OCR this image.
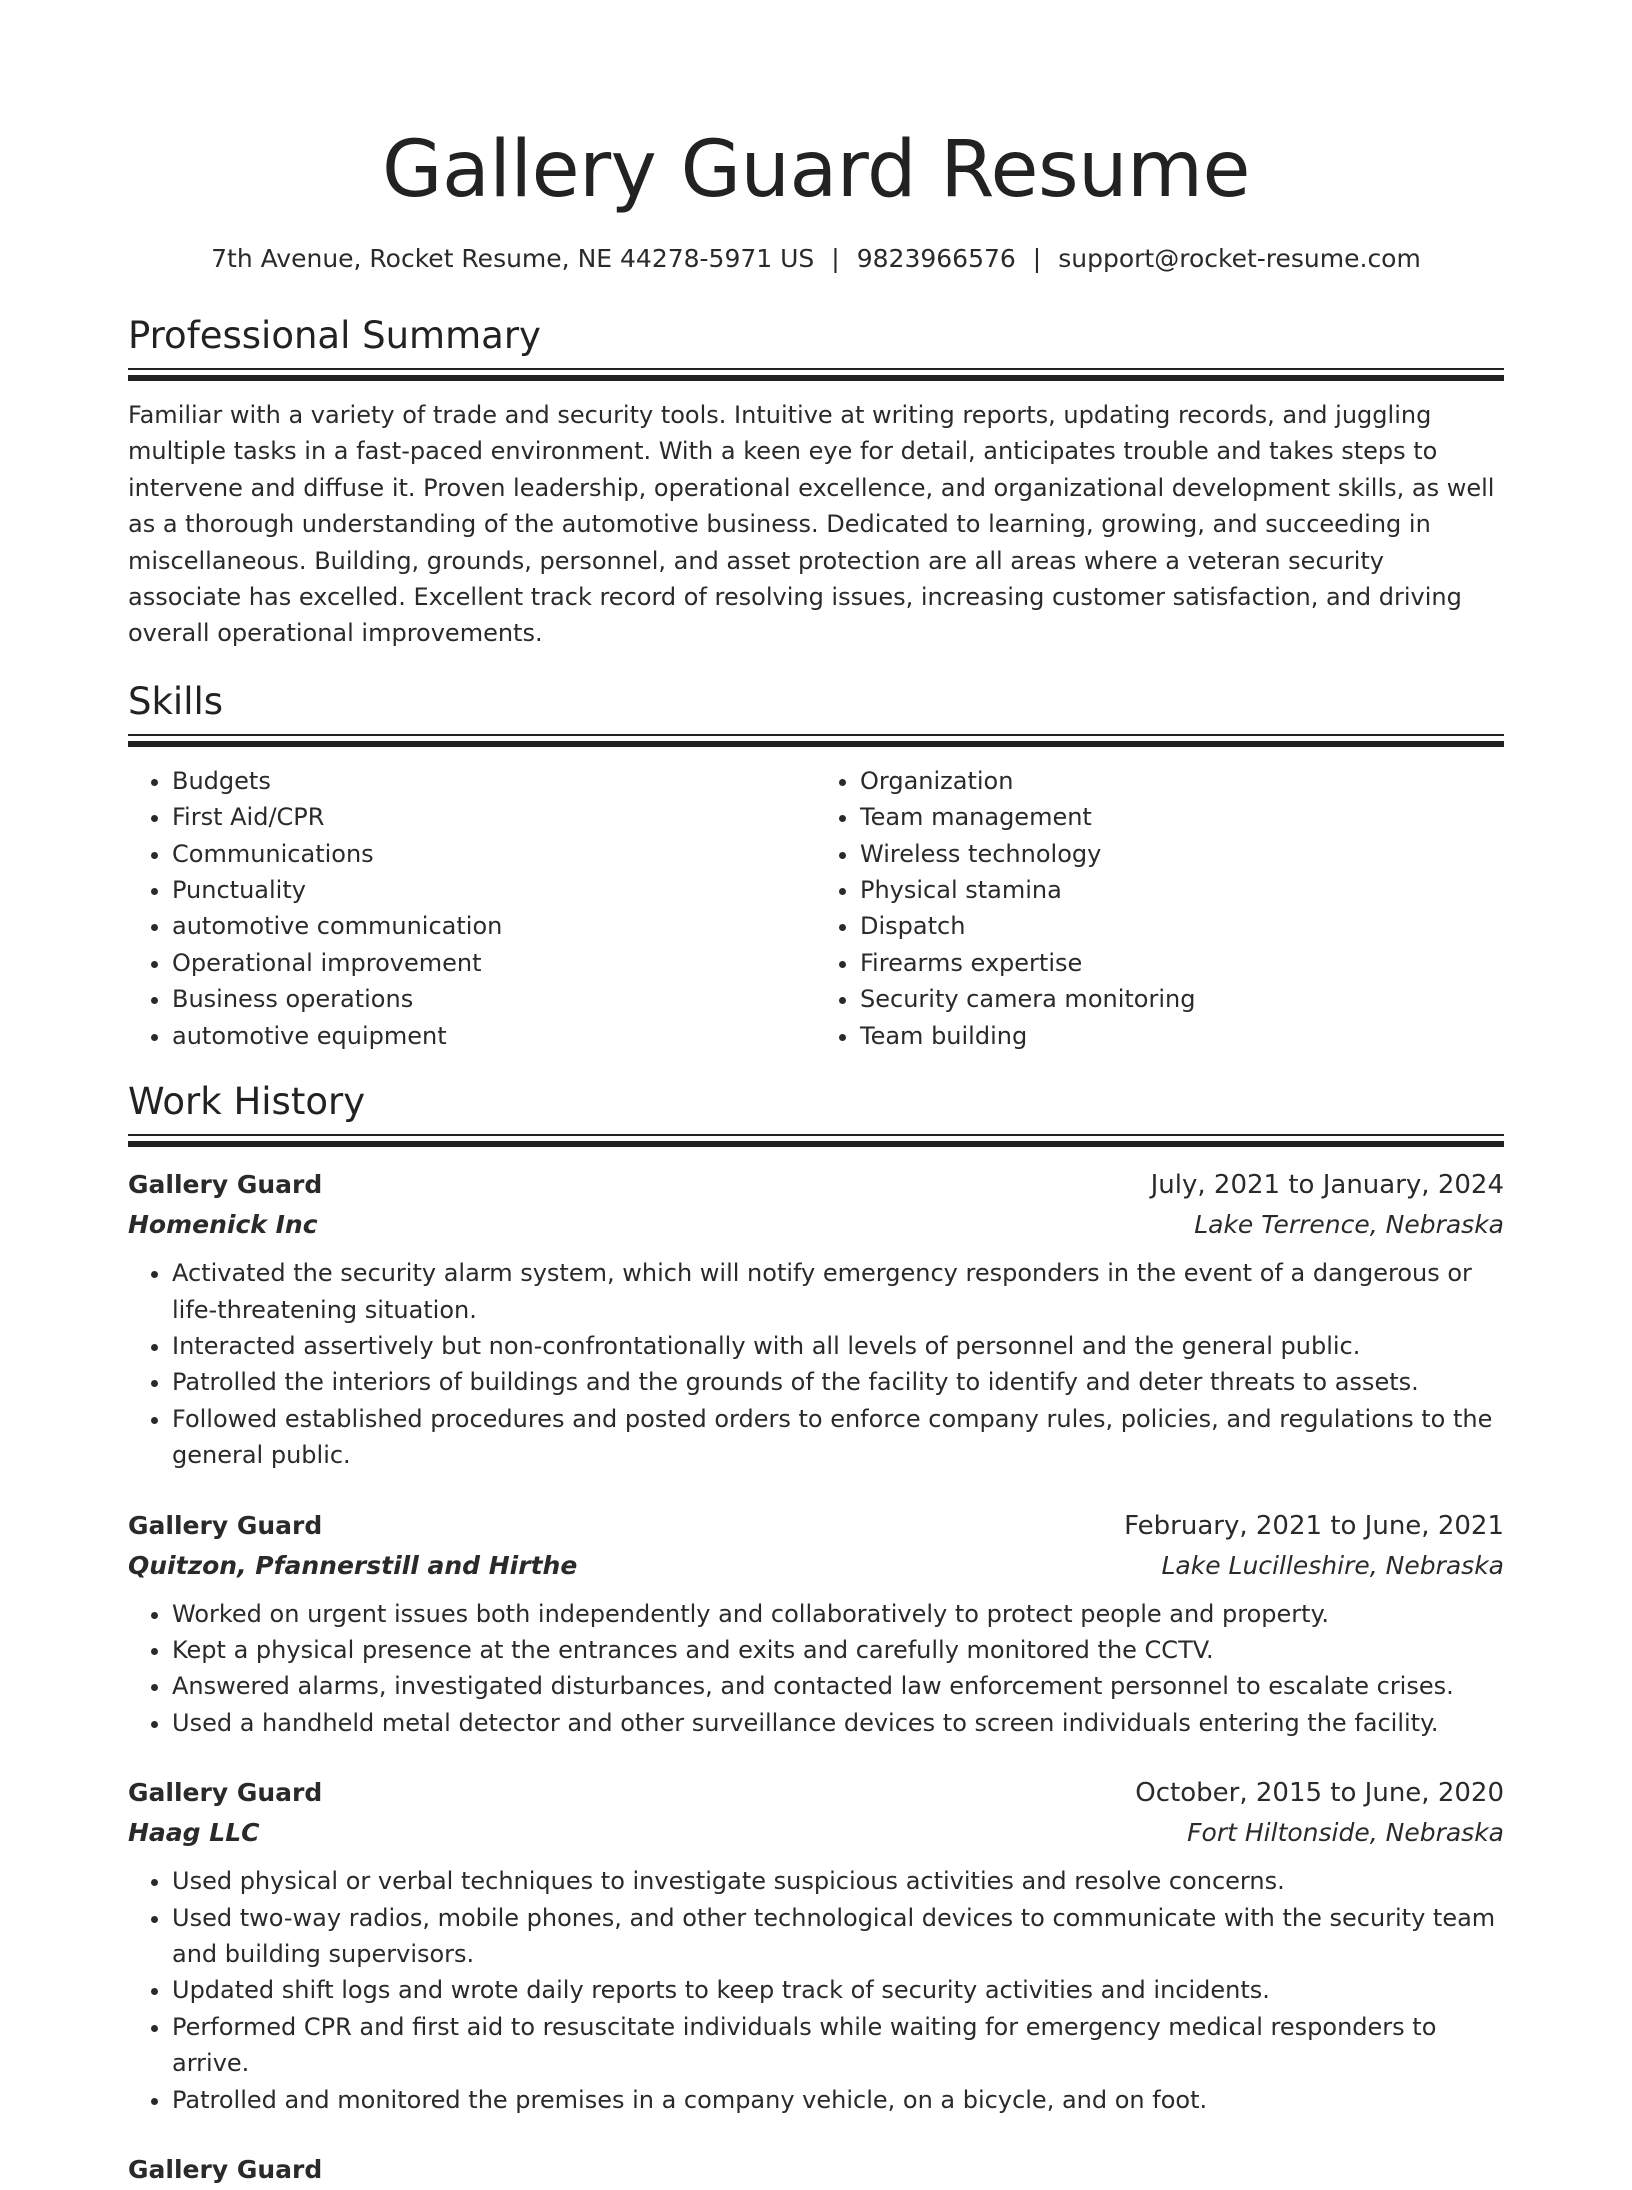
Gallery Guard Resume
7th Avenue, Rocket Resume, NE 44278-5971 US | 9823966576 | support@rocket-resume.com
Professional Summary

Familiar with a variety of trade and security tools. Intuitive at writing reports, updating records, and juggling multiple tasks in a fast-paced environment. With a keen eye for detail, anticipates trouble and takes steps to intervene and diffuse it. Proven leadership, operational excellence, and organizational development skills, as well as a thorough understanding of the automotive business. Dedicated to learning, growing, and succeeding in miscellaneous. Building, grounds, personnel, and asset protection are all areas where a veteran security associate has excelled. Excellent track record of resolving issues, increasing customer satisfaction, and driving overall operational improvements.

Skills
• Budgets
• First Aid/CPR
• Communications
• Punctuality
• automotive communication
• Operational improvement
• Business operations
• automotive equipment
• Organization
• Team management
• Wireless technology
• Physical stamina
• Dispatch
• Firearms expertise
• Security camera monitoring
• Team building
Work History
Gallery Guard	July, 2021 to January, 2024
Homenick Inc	Lake Terrence, Nebraska
• Activated the security alarm system, which will notify emergency responders in the event of a dangerous or life-threatening situation.
• Interacted assertively but non-confrontationally with all levels of personnel and the general public.
• Patrolled the interiors of buildings and the grounds of the facility to identify and deter threats to assets.
• Followed established procedures and posted orders to enforce company rules, policies, and regulations to the general public.
Gallery Guard	February, 2021 to June, 2021
Quitzon, Pfannerstill and Hirthe	Lake Lucilleshire, Nebraska
• Worked on urgent issues both independently and collaboratively to protect people and property.
• Kept a physical presence at the entrances and exits and carefully monitored the CCTV.
• Answered alarms, investigated disturbances, and contacted law enforcement personnel to escalate crises.
• Used a handheld metal detector and other surveillance devices to screen individuals entering the facility.
Gallery Guard	October, 2015 to June, 2020
Haag LLC	Fort Hiltonside, Nebraska
• Used physical or verbal techniques to investigate suspicious activities and resolve concerns.
• Used two-way radios, mobile phones, and other technological devices to communicate with the security team and building supervisors.
• Updated shift logs and wrote daily reports to keep track of security activities and incidents.
• Performed CPR and first aid to resuscitate individuals while waiting for emergency medical responders to arrive.
• Patrolled and monitored the premises in a company vehicle, on a bicycle, and on foot.
Gallery Guard
